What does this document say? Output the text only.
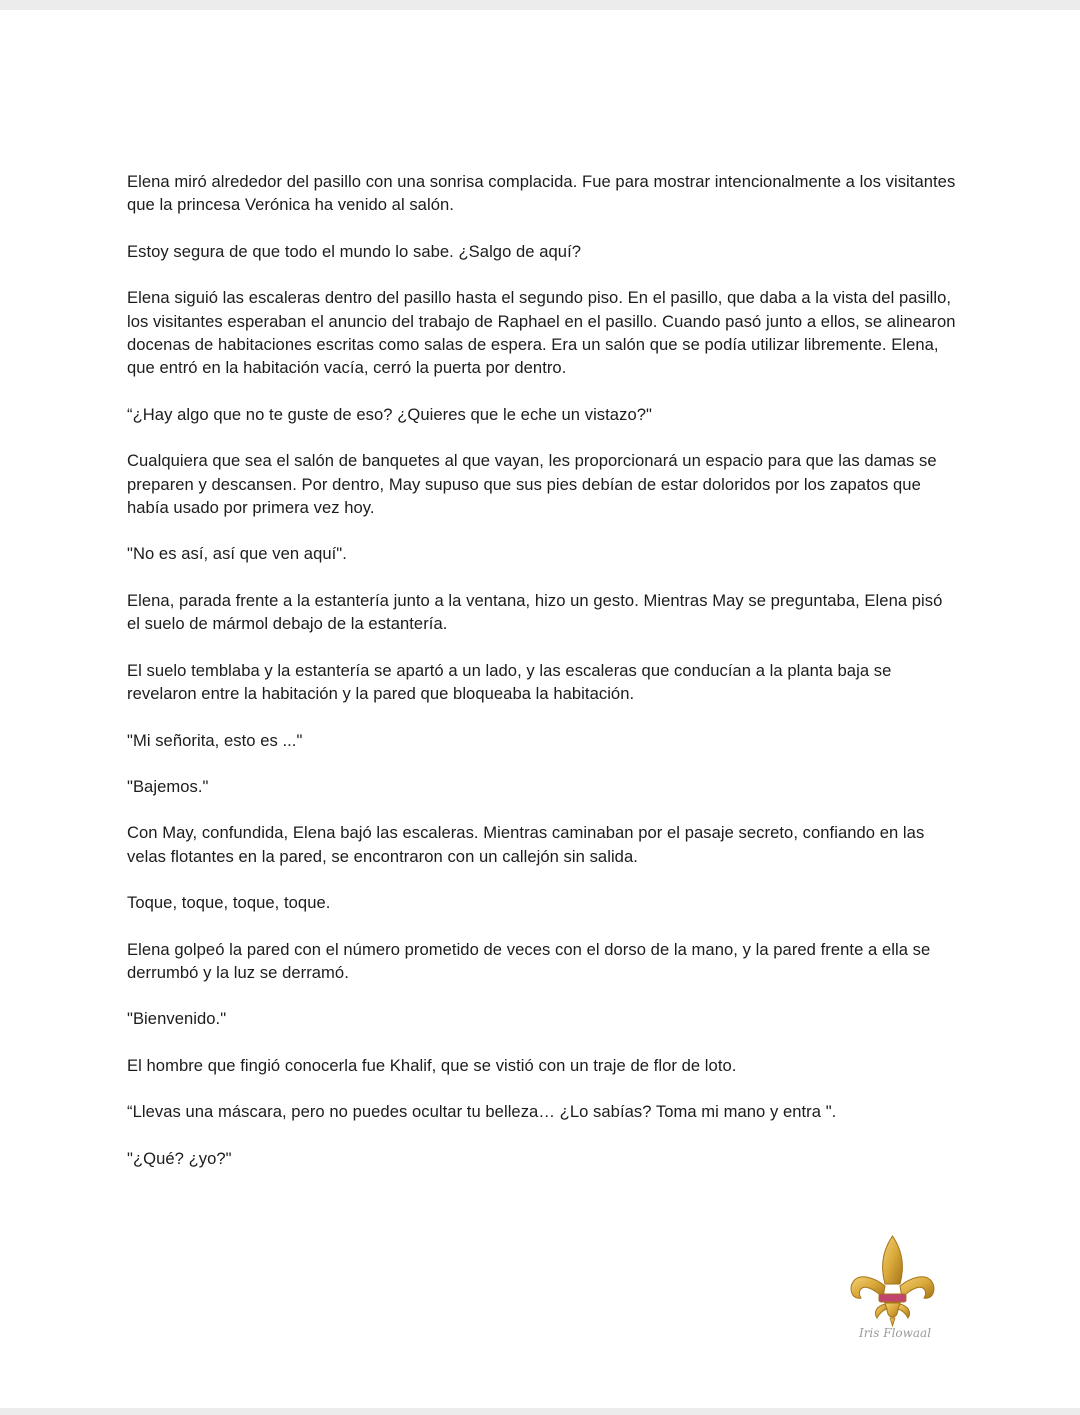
Elena miró alrededor del pasillo con una sonrisa complacida. Fue para mostrar intencionalmente a los visitantes que la princesa Verónica ha venido al salón.

Estoy segura de que todo el mundo lo sabe. ¿Salgo de aquí?

Elena siguió las escaleras dentro del pasillo hasta el segundo piso. En el pasillo, que daba a la vista del pasillo, los visitantes esperaban el anuncio del trabajo de Raphael en el pasillo. Cuando pasó junto a ellos, se alinearon docenas de habitaciones escritas como salas de espera. Era un salón que se podía utilizar libremente. Elena, que entró en la habitación vacía, cerró la puerta por dentro.

“¿Hay algo que no te guste de eso? ¿Quieres que le eche un vistazo?"

Cualquiera que sea el salón de banquetes al que vayan, les proporcionará un espacio para que las damas se preparen y descansen. Por dentro, May supuso que sus pies debían de estar doloridos por los zapatos que había usado por primera vez hoy.

"No es así, así que ven aquí".

Elena, parada frente a la estantería junto a la ventana, hizo un gesto. Mientras May se preguntaba, Elena pisó el suelo de mármol debajo de la estantería.

El suelo temblaba y la estantería se apartó a un lado, y las escaleras que conducían a la planta baja se revelaron entre la habitación y la pared que bloqueaba la habitación.

"Mi señorita, esto es ..."

"Bajemos."

Con May, confundida, Elena bajó las escaleras. Mientras caminaban por el pasaje secreto, confiando en las velas flotantes en la pared, se encontraron con un callejón sin salida.

Toque, toque, toque, toque.

Elena golpeó la pared con el número prometido de veces con el dorso de la mano, y la pared frente a ella se derrumbó y la luz se derramó.

"Bienvenido."

El hombre que fingió conocerla fue Khalif, que se vistió con un traje de flor de loto.

“Llevas una máscara, pero no puedes ocultar tu belleza… ¿Lo sabías? Toma mi mano y entra ".

"¿Qué? ¿yo?"

Iris Flowaal
